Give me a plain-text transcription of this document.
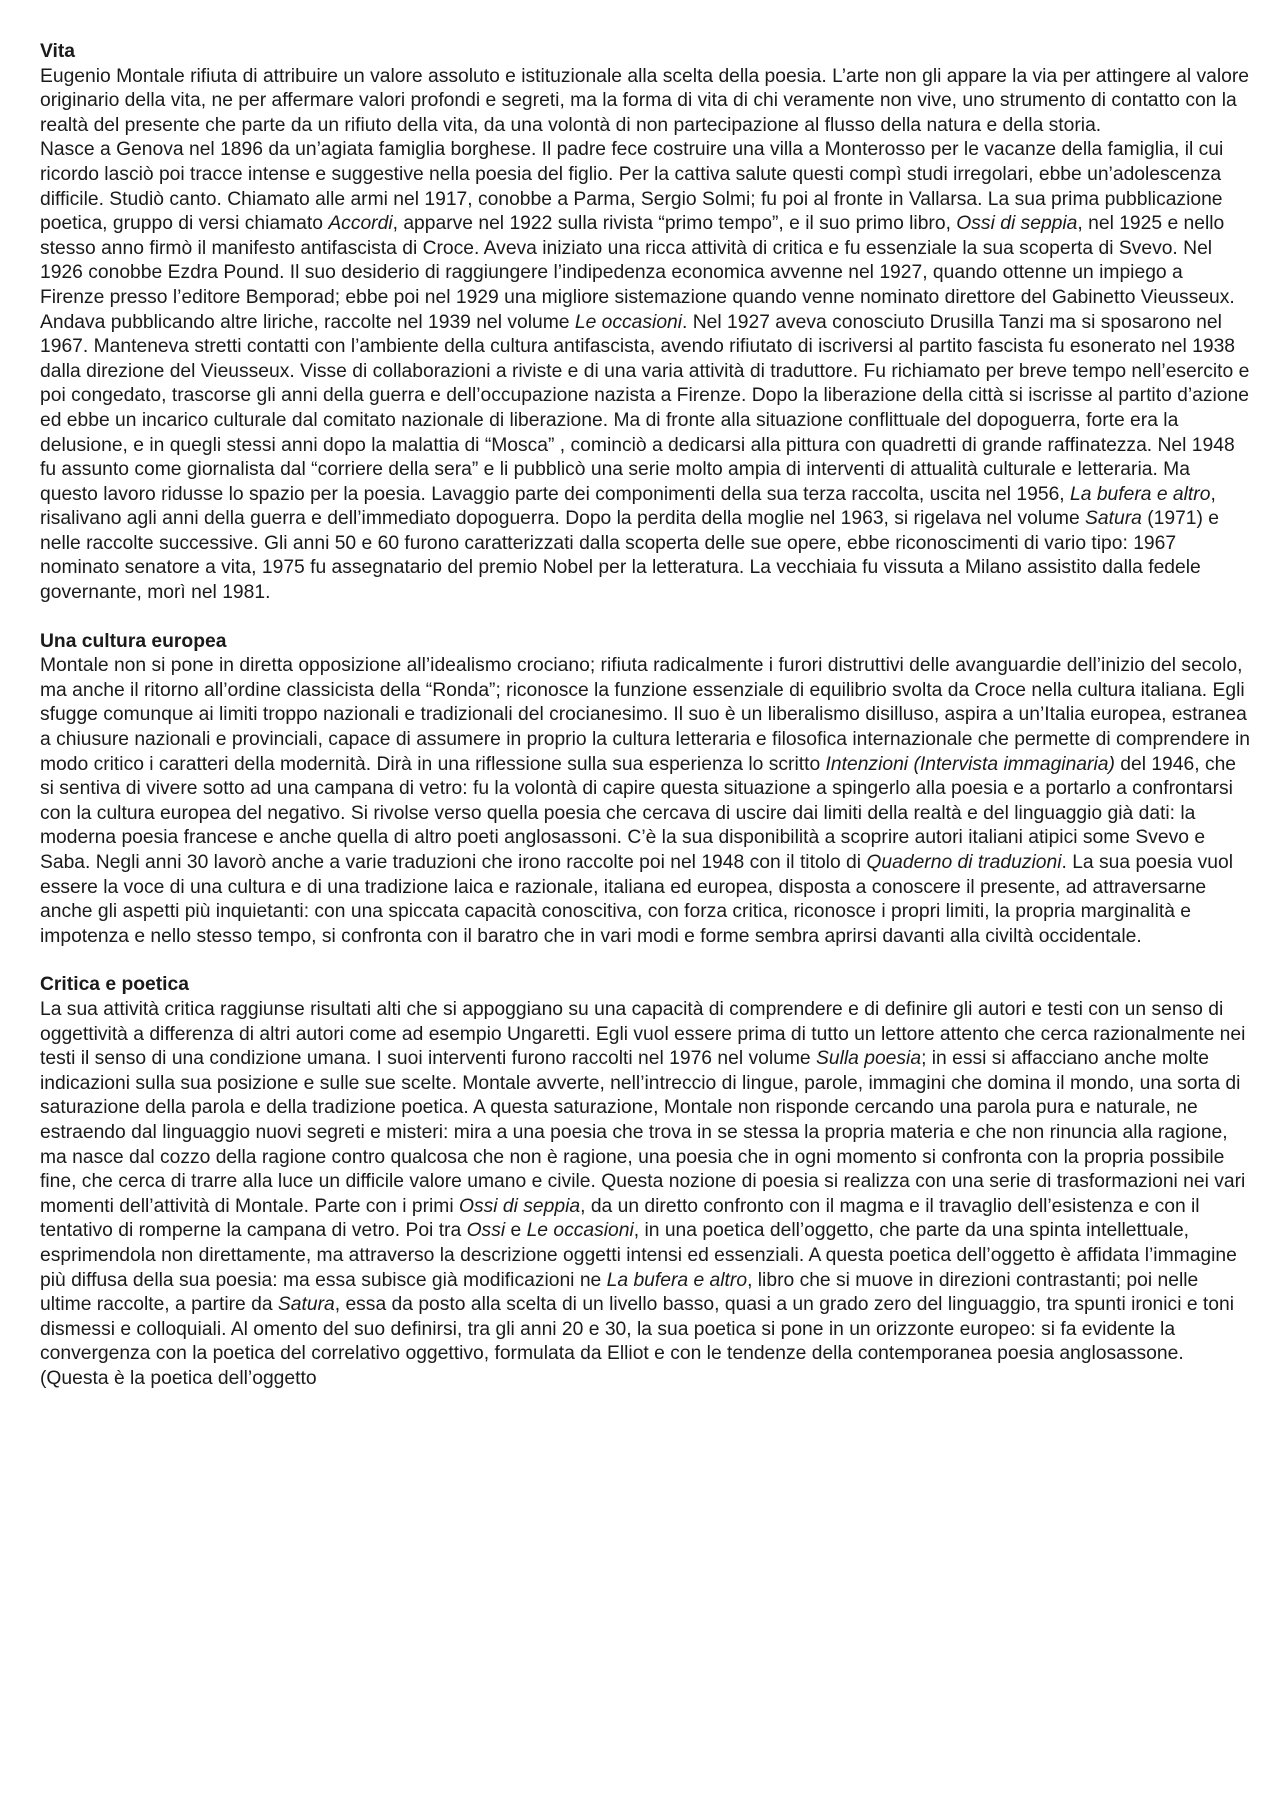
Vita

Eugenio Montale rifiuta di attribuire un valore assoluto e istituzionale alla scelta della poesia. L’arte non gli appare la via per attingere al valore originario della vita, ne per affermare valori profondi e segreti, ma la forma di vita di chi veramente non vive, uno strumento di contatto con la realtà del presente che parte da un rifiuto della vita, da una volontà di non partecipazione al flusso della natura e della storia.

Nasce a Genova nel 1896 da un’agiata famiglia borghese. Il padre fece costruire una villa a Monterosso per le vacanze della famiglia, il cui ricordo lasciò poi tracce intense e suggestive nella poesia del figlio. Per la cattiva salute questi compì studi irregolari, ebbe un’adolescenza difficile. Studiò canto. Chiamato alle armi nel 1917, conobbe a Parma, Sergio Solmi; fu poi al fronte in Vallarsa. La sua prima pubblicazione poetica, gruppo di versi chiamato Accordi, apparve nel 1922 sulla rivista “primo tempo”, e il suo primo libro, Ossi di seppia, nel 1925 e nello stesso anno firmò il manifesto antifascista di Croce. Aveva iniziato una ricca attività di critica e fu essenziale la sua scoperta di Svevo. Nel 1926 conobbe Ezdra Pound. Il suo desiderio di raggiungere l’indipedenza economica avvenne nel 1927, quando ottenne un impiego a Firenze presso l’editore Bemporad; ebbe poi nel 1929 una migliore sistemazione quando venne nominato direttore del Gabinetto Vieusseux.

Andava pubblicando altre liriche, raccolte nel 1939 nel volume Le occasioni. Nel 1927 aveva conosciuto Drusilla Tanzi ma si sposarono nel 1967. Manteneva stretti contatti con l’ambiente della cultura antifascista, avendo rifiutato di iscriversi al partito fascista fu esonerato nel 1938 dalla direzione del Vieusseux. Visse di collaborazioni a riviste e di una varia attività di traduttore. Fu richiamato per breve tempo nell’esercito e poi congedato, trascorse gli anni della guerra e dell’occupazione nazista a Firenze. Dopo la liberazione della città si iscrisse al partito d’azione ed ebbe un incarico culturale dal comitato nazionale di liberazione. Ma di fronte alla situazione conflittuale del dopoguerra, forte era la delusione, e in quegli stessi anni dopo la malattia di “Mosca” , cominciò a dedicarsi alla pittura con quadretti di grande raffinatezza. Nel 1948 fu assunto come giornalista dal “corriere della sera” e li pubblicò una serie molto ampia di interventi di attualità culturale e letteraria. Ma questo lavoro ridusse lo spazio per la poesia. Lavaggio parte dei componimenti della sua terza raccolta, uscita nel 1956, La bufera e altro, risalivano agli anni della guerra e dell’immediato dopoguerra. Dopo la perdita della moglie nel 1963, si rigelava nel volume Satura (1971) e nelle raccolte successive. Gli anni 50 e 60 furono caratterizzati dalla scoperta delle sue opere, ebbe riconoscimenti di vario tipo: 1967 nominato senatore a vita, 1975 fu assegnatario del premio Nobel per la letteratura. La vecchiaia fu vissuta a Milano assistito dalla fedele governante, morì nel 1981.

Una cultura europea

Montale non si pone in diretta opposizione all’idealismo crociano; rifiuta radicalmente i furori distruttivi delle avanguardie dell’inizio del secolo, ma anche il ritorno all’ordine classicista della “Ronda”; riconosce la funzione essenziale di equilibrio svolta da Croce nella cultura italiana. Egli sfugge comunque ai limiti troppo nazionali e tradizionali del crocianesimo. Il suo è un liberalismo disilluso, aspira a un’Italia europea, estranea a chiusure nazionali e provinciali, capace di assumere in proprio la cultura letteraria e filosofica internazionale che permette di comprendere in modo critico i caratteri della modernità. Dirà in una riflessione sulla sua esperienza lo scritto Intenzioni (Intervista immaginaria) del 1946, che si sentiva di vivere sotto ad una campana di vetro: fu la volontà di capire questa situazione a spingerlo alla poesia e a portarlo a confrontarsi con la cultura europea del negativo. Si rivolse verso quella poesia che cercava di uscire dai limiti della realtà e del linguaggio già dati: la moderna poesia francese e anche quella di altro poeti anglosassoni. C’è la sua disponibilità a scoprire autori italiani atipici some Svevo e Saba. Negli anni 30 lavorò anche a varie traduzioni che irono raccolte poi nel 1948 con il titolo di Quaderno di traduzioni. La sua poesia vuol essere la voce di una cultura e di una tradizione laica e razionale, italiana ed europea, disposta a conoscere il presente, ad attraversarne anche gli aspetti più inquietanti: con una spiccata capacità conoscitiva, con forza critica, riconosce i propri limiti, la propria marginalità e impotenza e nello stesso tempo, si confronta con il baratro che in vari modi e forme sembra aprirsi davanti alla civiltà occidentale.

Critica e poetica

La sua attività critica raggiunse risultati alti che si appoggiano su una capacità di comprendere e di definire gli autori e testi con un senso di oggettività a differenza di altri autori come ad esempio Ungaretti. Egli vuol essere prima di tutto un lettore attento che cerca razionalmente nei testi il senso di una condizione umana. I suoi interventi furono raccolti nel 1976 nel volume Sulla poesia; in essi si affacciano anche molte indicazioni sulla sua posizione e sulle sue scelte. Montale avverte, nell’intreccio di lingue, parole, immagini che domina il mondo, una sorta di saturazione della parola e della tradizione poetica. A questa saturazione, Montale non risponde cercando una parola pura e naturale, ne estraendo dal linguaggio nuovi segreti e misteri: mira a una poesia che trova in se stessa la propria materia e che non rinuncia alla ragione, ma nasce dal cozzo della ragione contro qualcosa che non è ragione, una poesia che in ogni momento si confronta con la propria possibile fine, che cerca di trarre alla luce un difficile valore umano e civile. Questa nozione di poesia si realizza con una serie di trasformazioni nei vari momenti dell’attività di Montale. Parte con i primi Ossi di seppia, da un diretto confronto con il magma e il travaglio dell’esistenza e con il tentativo di romperne la campana di vetro. Poi tra Ossi e Le occasioni, in una poetica dell’oggetto, che parte da una spinta intellettuale, esprimendola non direttamente, ma attraverso la descrizione oggetti intensi ed essenziali. A questa poetica dell’oggetto è affidata l’immagine più diffusa della sua poesia: ma essa subisce già modificazioni ne La bufera e altro, libro che si muove in direzioni contrastanti; poi nelle ultime raccolte, a partire da Satura, essa da posto alla scelta di un livello basso, quasi a un grado zero del linguaggio, tra spunti ironici e toni dismessi e colloquiali. Al omento del suo definirsi, tra gli anni 20 e 30, la sua poetica si pone in un orizzonte europeo: si fa evidente la convergenza con la poetica del correlativo oggettivo, formulata da Elliot e con le tendenze della contemporanea poesia anglosassone. (Questa è la poetica dell’oggetto
